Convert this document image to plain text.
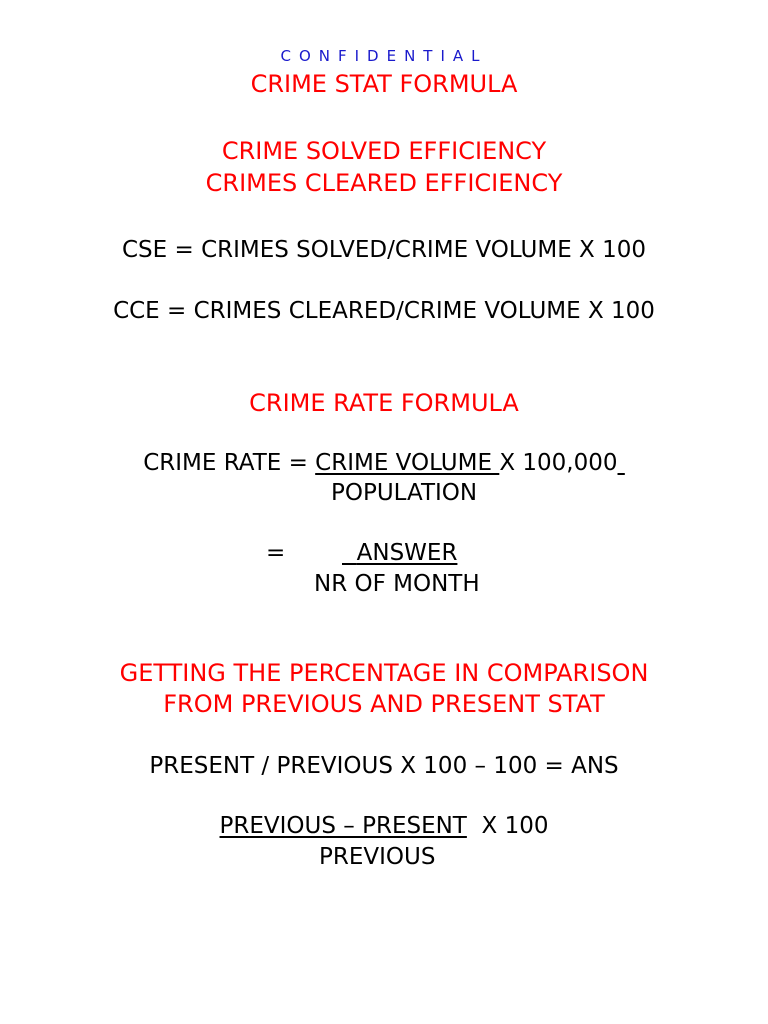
CONFIDENTIAL
CRIME STAT FORMULA
CRIME SOLVED EFFICIENCY
CRIMES CLEARED EFFICIENCY
CSE = CRIMES SOLVED/CRIME VOLUME X 100
CCE = CRIMES CLEARED/CRIME VOLUME X 100
CRIME RATE FORMULA
CRIME RATE = CRIME VOLUME X 100,000
POPULATION
=	ANSWER
NR OF MONTH
GETTING THE PERCENTAGE IN COMPARISON
FROM PREVIOUS AND PRESENT STAT
PRESENT / PREVIOUS X 100 – 100 = ANS
PREVIOUS – PRESENT  X 100
PREVIOUS
